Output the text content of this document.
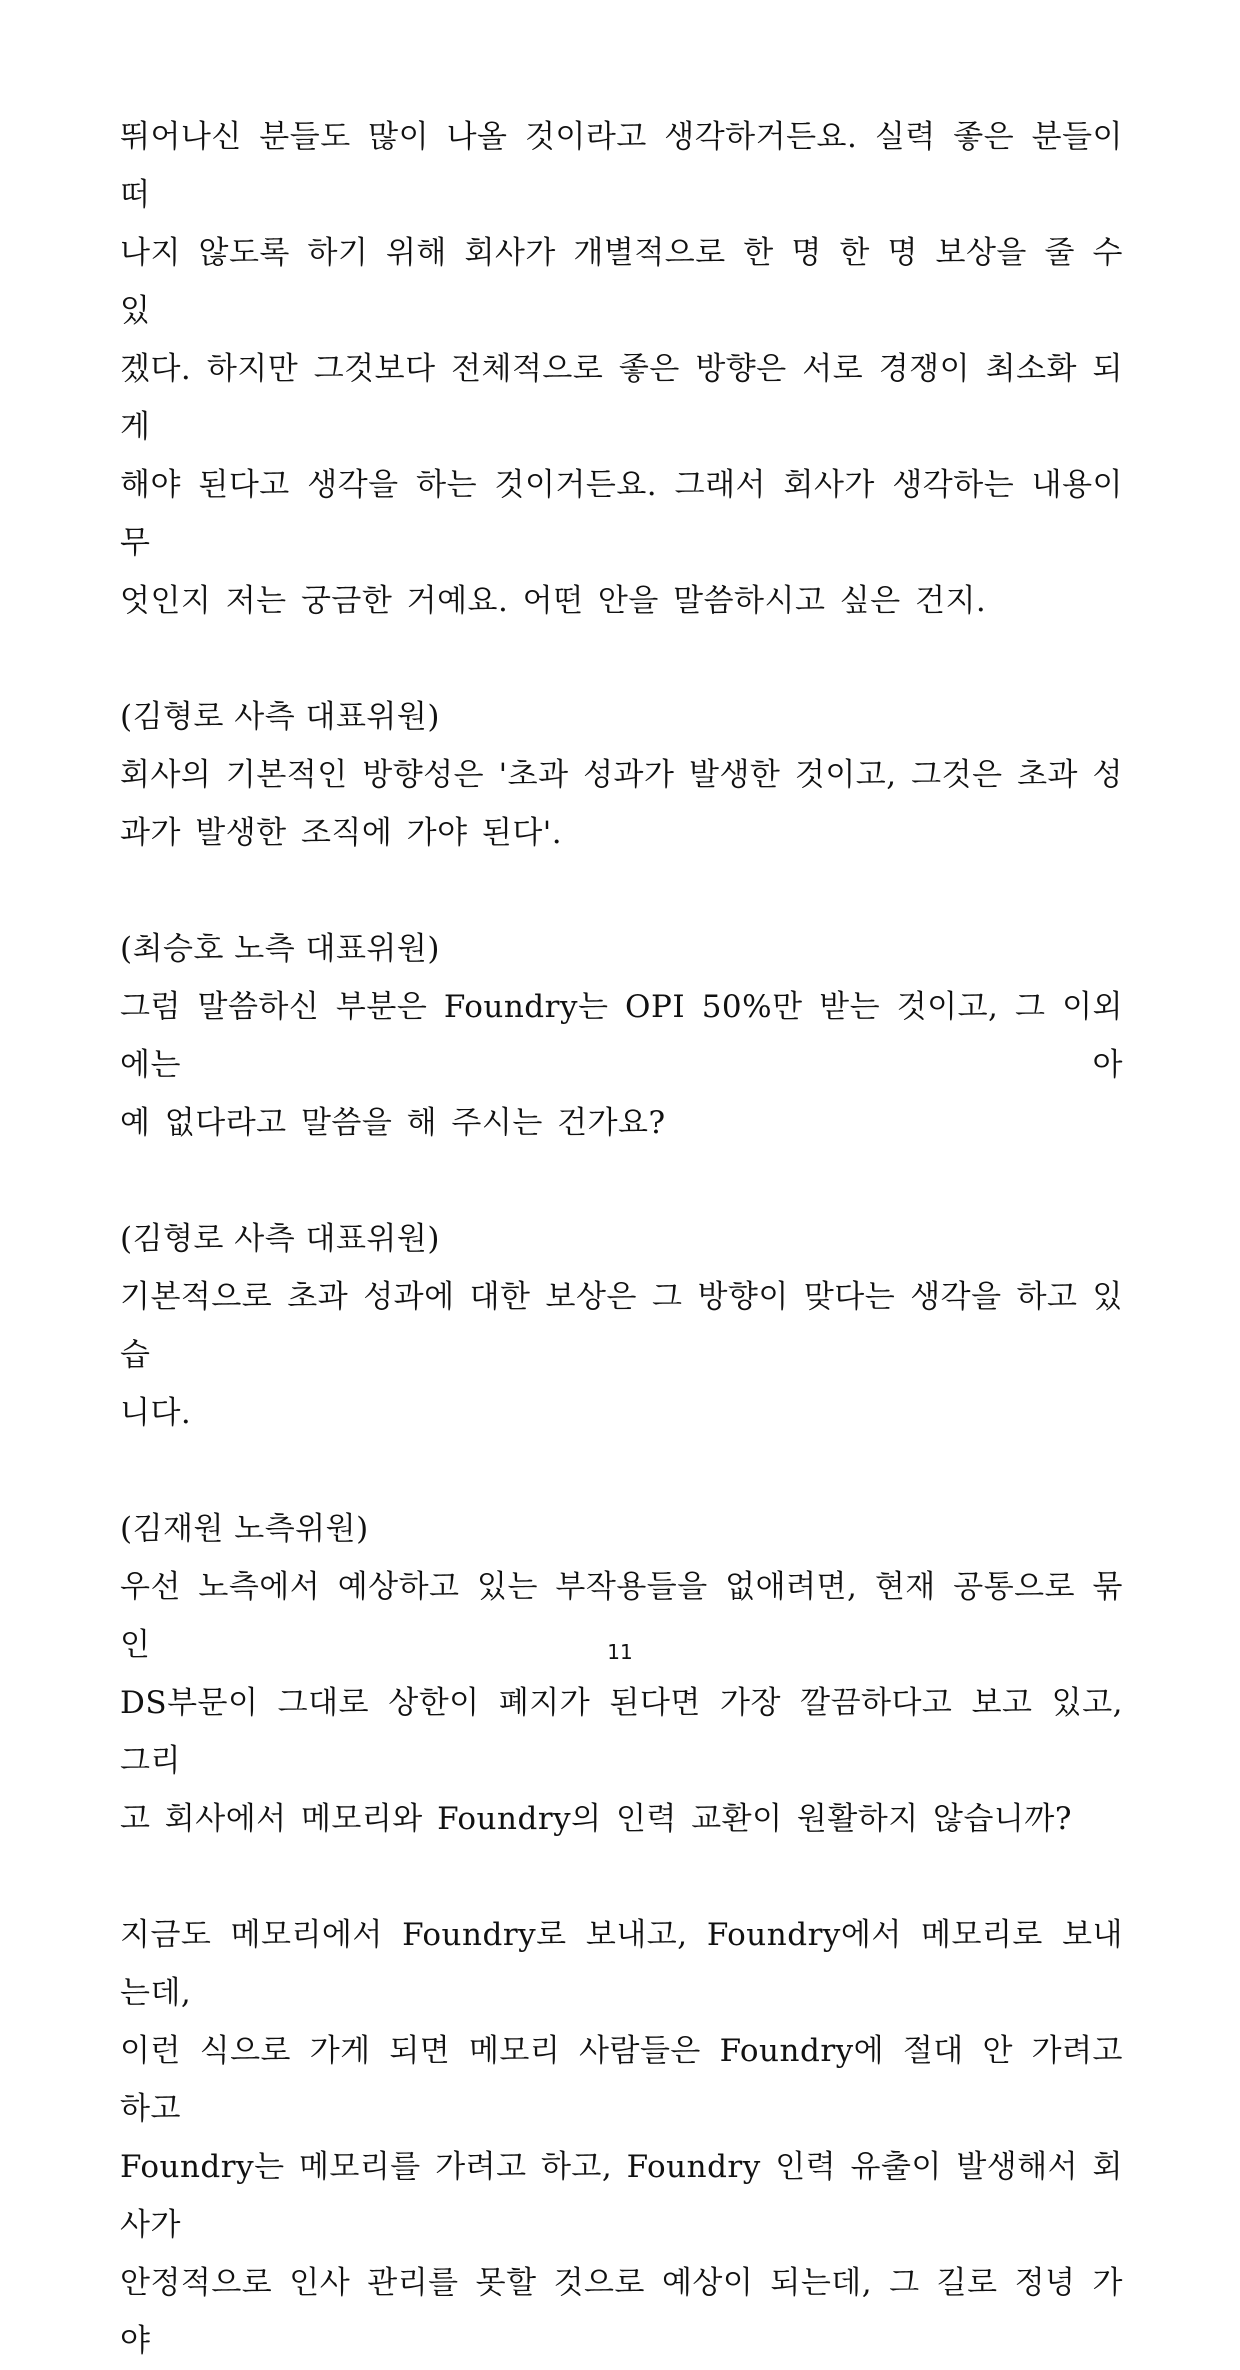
뛰어나신 분들도 많이 나올 것이라고 생각하거든요. 실력 좋은 분들이 떠

나지 않도록 하기 위해 회사가 개별적으로 한 명 한 명 보상을 줄 수 있

겠다. 하지만 그것보다 전체적으로 좋은 방향은 서로 경쟁이 최소화 되게

해야 된다고 생각을 하는 것이거든요. 그래서 회사가 생각하는 내용이 무

엇인지 저는 궁금한 거예요. 어떤 안을 말씀하시고 싶은 건지.

(김형로 사측 대표위원)

회사의 기본적인 방향성은 '초과 성과가 발생한 것이고, 그것은 초과 성

과가 발생한 조직에 가야 된다'.

(최승호 노측 대표위원)

그럼 말씀하신 부분은 Foundry는 OPI 50%만 받는 것이고, 그 이외에는 아

예 없다라고 말씀을 해 주시는 건가요?

(김형로 사측 대표위원)

기본적으로 초과 성과에 대한 보상은 그 방향이 맞다는 생각을 하고 있습

니다.

(김재원 노측위원)

우선 노측에서 예상하고 있는 부작용들을 없애려면, 현재 공통으로 묶인

DS부문이 그대로 상한이 폐지가 된다면 가장 깔끔하다고 보고 있고, 그리

고 회사에서 메모리와 Foundry의 인력 교환이 원활하지 않습니까?

지금도 메모리에서 Foundry로 보내고, Foundry에서 메모리로 보내는데,

이런 식으로 가게 되면 메모리 사람들은 Foundry에 절대 안 가려고 하고

Foundry는 메모리를 가려고 하고, Foundry 인력 유출이 발생해서 회사가

안정적으로 인사 관리를 못할 것으로 예상이 되는데, 그 길로 정녕 가야

11
